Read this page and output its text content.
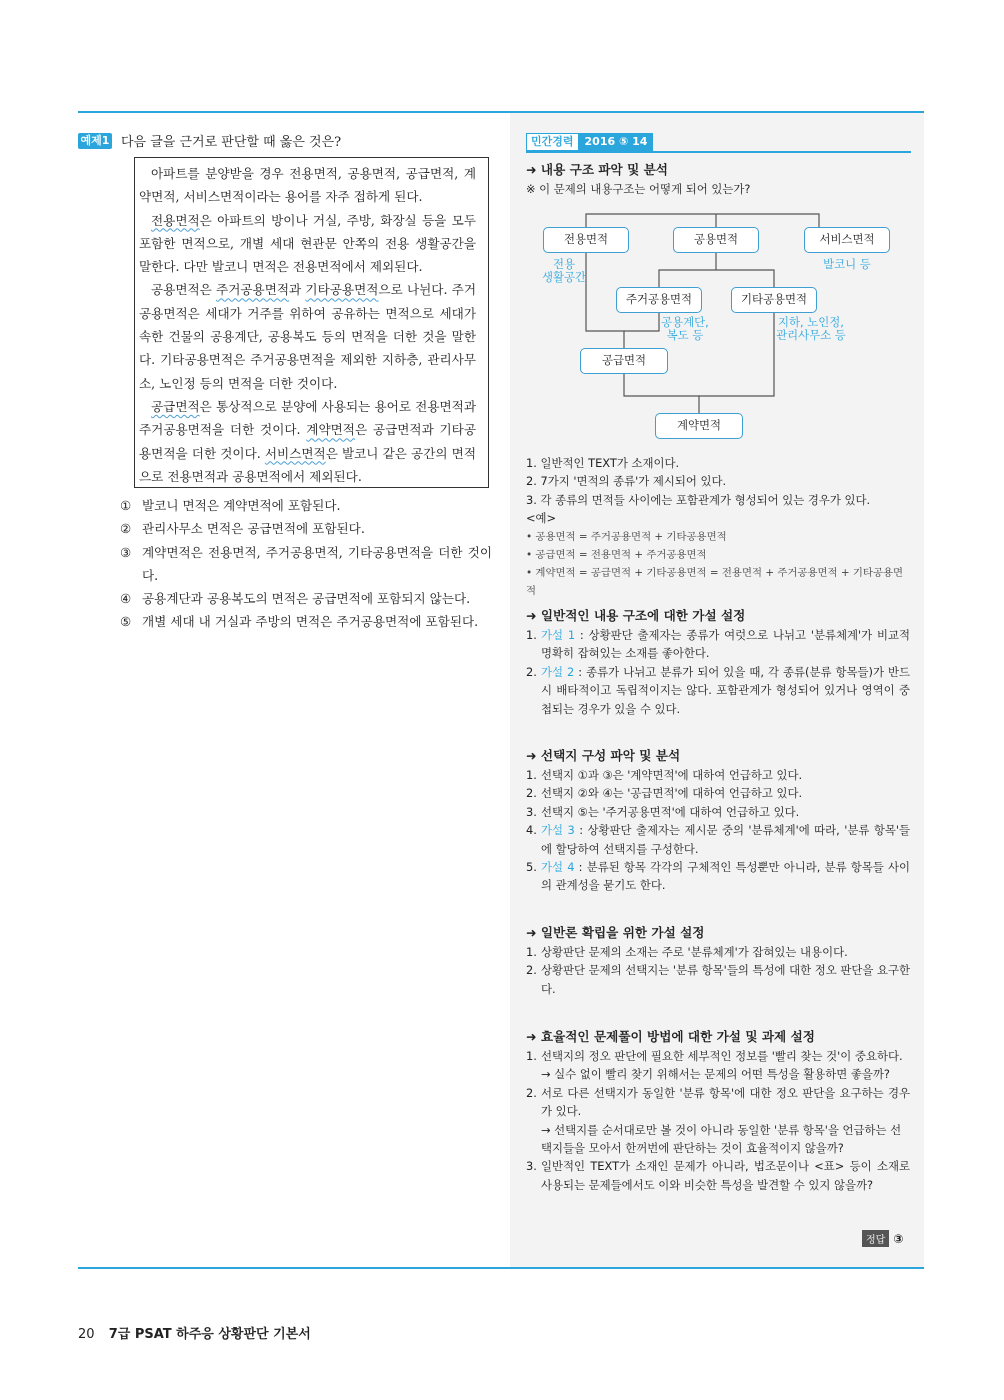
예제1 다음 글을 근거로 판단할 때 옳은 것은?

아파트를 분양받을 경우 전용면적, 공용면적, 공급면적, 계약면적, 서비스면적이라는 용어를 자주 접하게 된다.

전용면적은 아파트의 방이나 거실, 주방, 화장실 등을 모두 포함한 면적으로, 개별 세대 현관문 안쪽의 전용 생활공간을 말한다. 다만 발코니 면적은 전용면적에서 제외된다.

공용면적은 주거공용면적과 기타공용면적으로 나뉜다. 주거공용면적은 세대가 거주를 위하여 공유하는 면적으로 세대가 속한 건물의 공용계단, 공용복도 등의 면적을 더한 것을 말한다. 기타공용면적은 주거공용면적을 제외한 지하층, 관리사무소, 노인정 등의 면적을 더한 것이다.

공급면적은 통상적으로 분양에 사용되는 용어로 전용면적과 주거공용면적을 더한 것이다. 계약면적은 공급면적과 기타공용면적을 더한 것이다. 서비스면적은 발코니 같은 공간의 면적으로 전용면적과 공용면적에서 제외된다.

① 발코니 면적은 계약면적에 포함된다.
② 관리사무소 면적은 공급면적에 포함된다.
③ 계약면적은 전용면적, 주거공용면적, 기타공용면적을 더한 것이다.
④ 공용계단과 공용복도의 면적은 공급면적에 포함되지 않는다.
⑤ 개별 세대 내 거실과 주방의 면적은 주거공용면적에 포함된다.
민간경력	2016 ⑤ 14
➜ 내용 구조 파악 및 분석
※ 이 문제의 내용구조는 어떻게 되어 있는가?
전용면적	공용면적	서비스면적
주거공용면적	기타공용면적
공급면적
계약면적
전용
생활공간
발코니 등
공용계단,
복도 등
지하, 노인정,
관리사무소 등
1. 일반적인 TEXT가 소재이다.
2. 7가지 '면적의 종류'가 제시되어 있다.
3. 각 종류의 면적들 사이에는 포함관계가 형성되어 있는 경우가 있다.
<예>
• 공용면적 = 주거공용면적 + 기타공용면적
• 공급면적 = 전용면적 + 주거공용면적
• 계약면적 = 공급면적 + 기타공용면적 = 전용면적 + 주거공용면적 + 기타공용면적
➜ 일반적인 내용 구조에 대한 가설 설정
1. 가설 1 : 상황판단 출제자는 종류가 여럿으로 나뉘고 '분류체계'가 비교적 명확히 잡혀있는 소재를 좋아한다.
2. 가설 2 : 종류가 나뉘고 분류가 되어 있을 때, 각 종류(분류 항목들)가 반드시 배타적이고 독립적이지는 않다. 포함관계가 형성되어 있거나 영역이 중첩되는 경우가 있을 수 있다.
➜ 선택지 구성 파악 및 분석
1. 선택지 ①과 ③은 '계약면적'에 대하여 언급하고 있다.
2. 선택지 ②와 ④는 '공급면적'에 대하여 언급하고 있다.
3. 선택지 ⑤는 '주거공용면적'에 대하여 언급하고 있다.
4. 가설 3 : 상황판단 출제자는 제시문 중의 '분류체계'에 따라, '분류 항목'들에 할당하여 선택지를 구성한다.
5. 가설 4 : 분류된 항목 각각의 구체적인 특성뿐만 아니라, 분류 항목들 사이의 관계성을 묻기도 한다.
➜ 일반론 확립을 위한 가설 설정
1. 상황판단 문제의 소재는 주로 '분류체계'가 잡혀있는 내용이다.
2. 상황판단 문제의 선택지는 '분류 항목'들의 특성에 대한 정오 판단을 요구한다.
➜ 효율적인 문제풀이 방법에 대한 가설 및 과제 설정
1. 선택지의 정오 판단에 필요한 세부적인 정보를 '빨리 찾는 것'이 중요하다.
→ 실수 없이 빨리 찾기 위해서는 문제의 어떤 특성을 활용하면 좋을까?
2. 서로 다른 선택지가 동일한 '분류 항목'에 대한 정오 판단을 요구하는 경우가 있다.
→ 선택지를 순서대로만 볼 것이 아니라 동일한 '분류 항목'을 언급하는 선택지들을 모아서 한꺼번에 판단하는 것이 효율적이지 않을까?
3. 일반적인 TEXT가 소재인 문제가 아니라, 법조문이나 <표> 등이 소재로 사용되는 문제들에서도 이와 비슷한 특성을 발견할 수 있지 않을까?
정답 ③
20 7급 PSAT 하주응 상황판단 기본서
